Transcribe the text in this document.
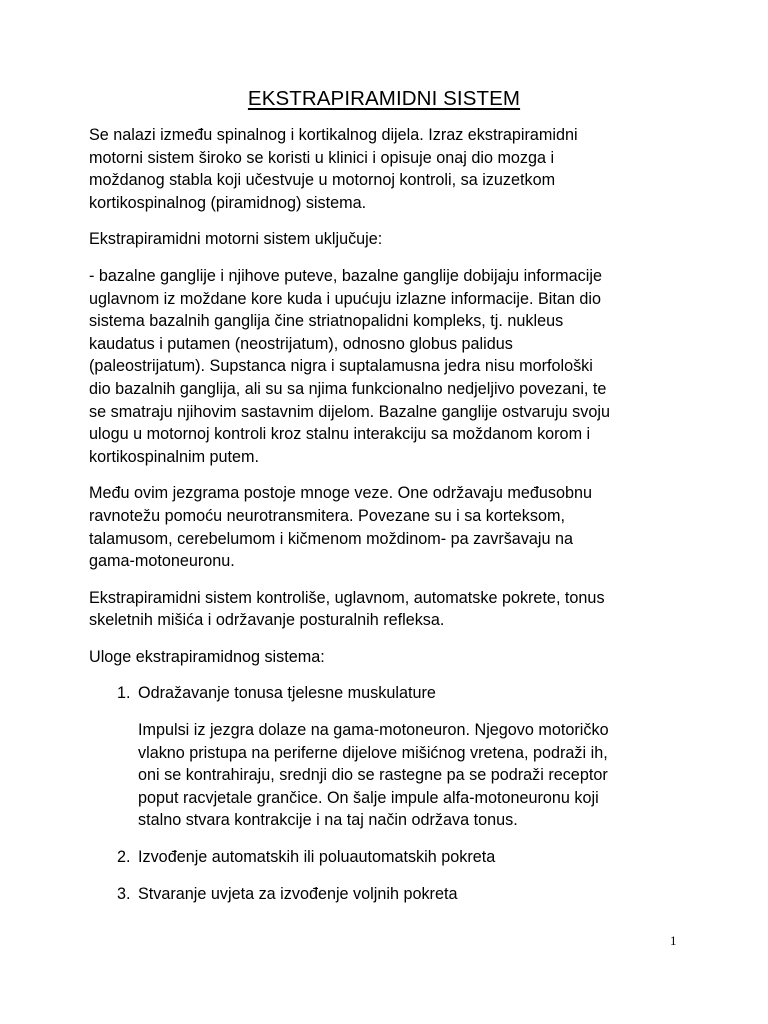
EKSTRAPIRAMIDNI SISTEM

Se nalazi između spinalnog i kortikalnog dijela. Izraz ekstrapiramidni
motorni sistem široko se koristi u klinici i opisuje onaj dio mozga i
moždanog stabla koji učestvuje u motornoj kontroli, sa izuzetkom
kortikospinalnog (piramidnog) sistema.

Ekstrapiramidni motorni sistem uključuje:

- bazalne ganglije i njihove puteve, bazalne ganglije dobijaju informacije
uglavnom iz moždane kore kuda i upućuju izlazne informacije. Bitan dio
sistema bazalnih ganglija čine striatnopalidni kompleks, tj. nukleus
kaudatus i putamen (neostrijatum), odnosno globus palidus
(paleostrijatum). Supstanca nigra i suptalamusna jedra nisu morfološki
dio bazalnih ganglija, ali su sa njima funkcionalno nedjeljivo povezani, te
se smatraju njihovim sastavnim dijelom. Bazalne ganglije ostvaruju svoju
ulogu u motornoj kontroli kroz stalnu interakciju sa moždanom korom i
kortikospinalnim putem.

Među ovim jezgrama postoje mnoge veze. One održavaju međusobnu
ravnotežu pomoću neurotransmitera. Povezane su i sa korteksom,
talamusom, cerebelumom i kičmenom moždinom- pa završavaju na
gama-motoneuronu.

Ekstrapiramidni sistem kontroliše, uglavnom, automatske pokrete, tonus
skeletnih mišića i održavanje posturalnih refleksa.

Uloge ekstrapiramidnog sistema:

1. Odražavanje tonusa tjelesne muskulature

Impulsi iz jezgra dolaze na gama-motoneuron. Njegovo motoričko
vlakno pristupa na periferne dijelove mišićnog vretena, podraži ih,
oni se kontrahiraju, srednji dio se rastegne pa se podraži receptor
poput racvjetale grančice. On šalje impule alfa-motoneuronu koji
stalno stvara kontrakcije i na taj način održava tonus.

2. Izvođenje automatskih ili poluautomatskih pokreta
3. Stvaranje uvjeta za izvođenje voljnih pokreta
1
